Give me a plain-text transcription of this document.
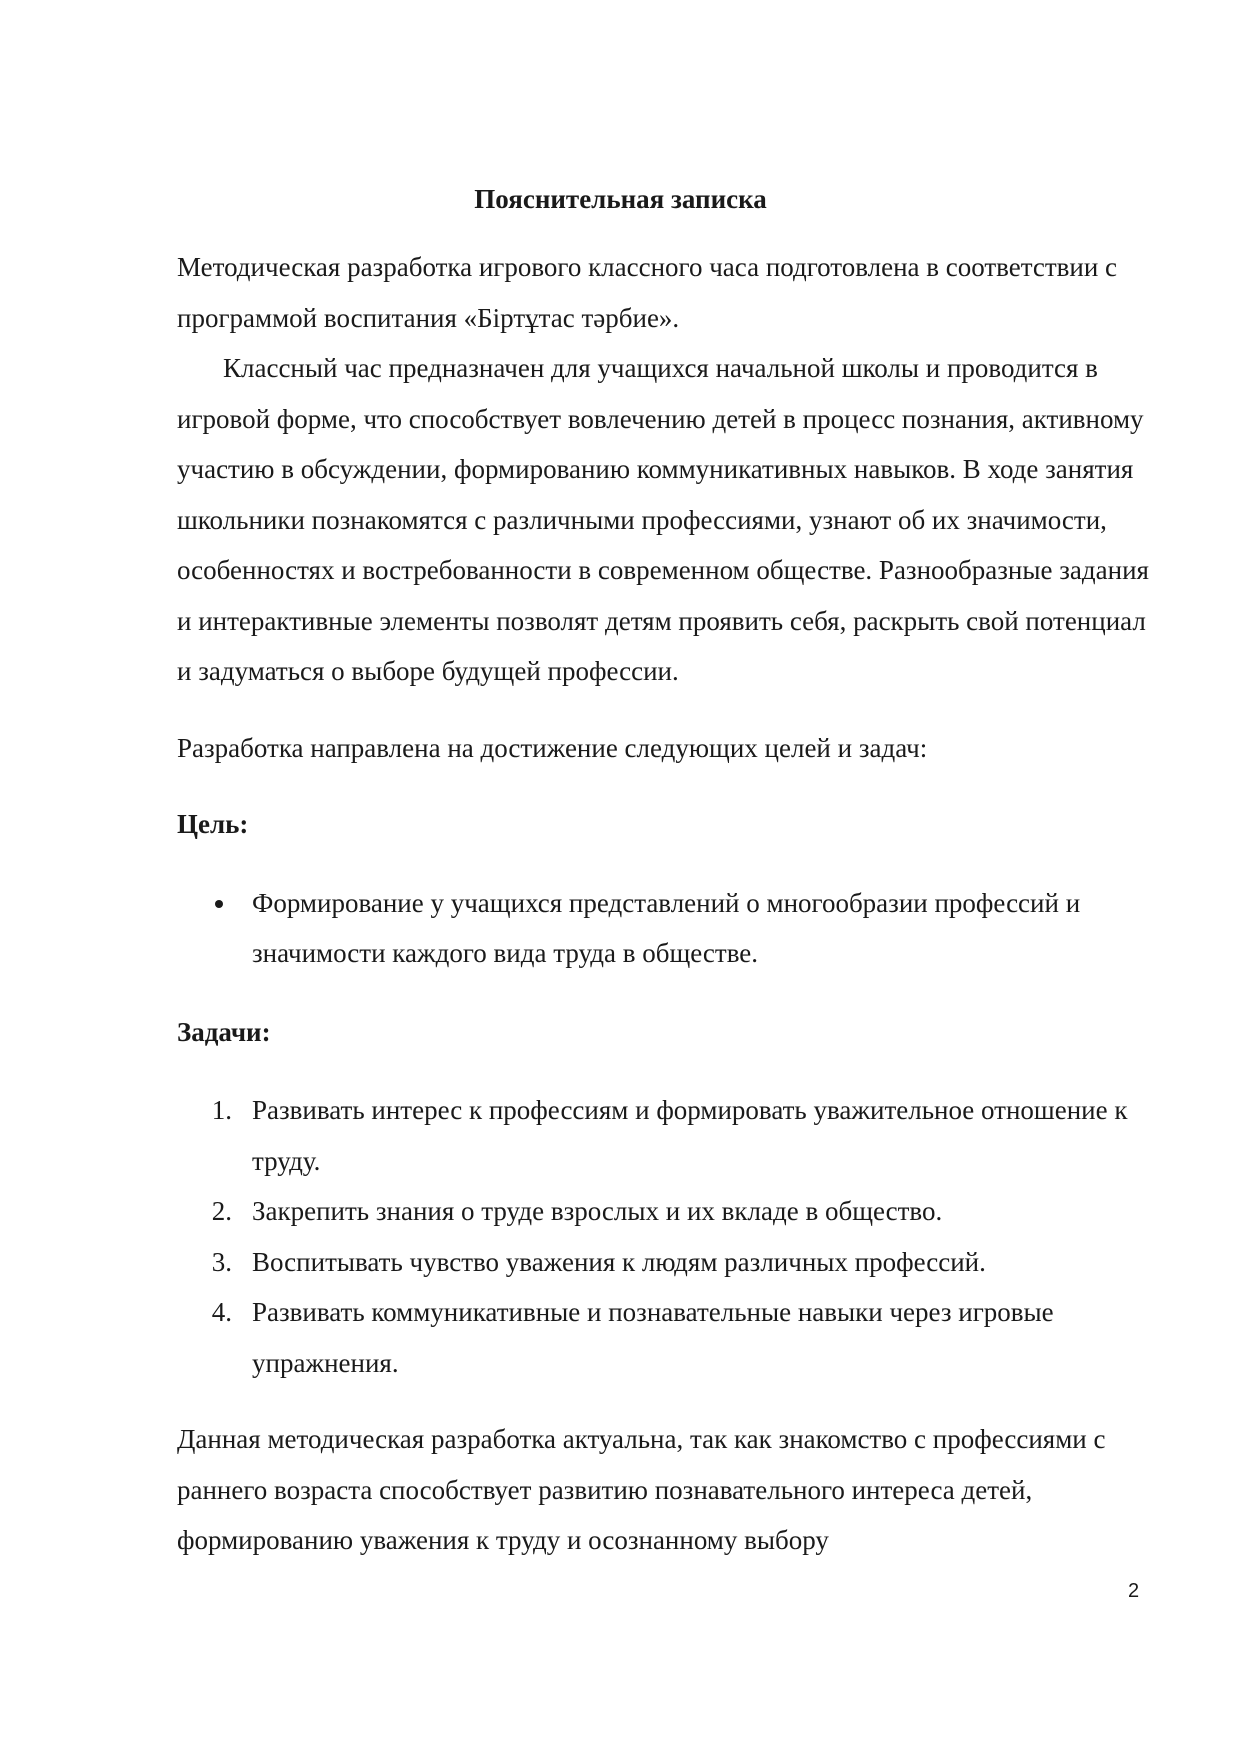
Пояснительная записка

Методическая разработка игрового классного часа подготовлена в соответствии с программой воспитания «Біртұтас тәрбие».

Классный час предназначен для учащихся начальной школы и проводится в игровой форме, что способствует вовлечению детей в процесс познания, активному участию в обсуждении, формированию коммуникативных навыков. В ходе занятия школьники познакомятся с различными профессиями, узнают об их значимости, особенностях и востребованности в современном обществе. Разнообразные задания и интерактивные элементы позволят детям проявить себя, раскрыть свой потенциал и задуматься о выборе будущей профессии.

Разработка направлена на достижение следующих целей и задач:

Цель:

Формирование у учащихся представлений о многообразии профессий и значимости каждого вида труда в обществе.

Задачи:

1. Развивать интерес к профессиям и формировать уважительное отношение к труду.
2. Закрепить знания о труде взрослых и их вкладе в общество.
3. Воспитывать чувство уважения к людям различных профессий.
4. Развивать коммуникативные и познавательные навыки через игровые упражнения.

Данная методическая разработка актуальна, так как знакомство с профессиями с раннего возраста способствует развитию познавательного интереса детей, формированию уважения к труду и осознанному выбору

2
